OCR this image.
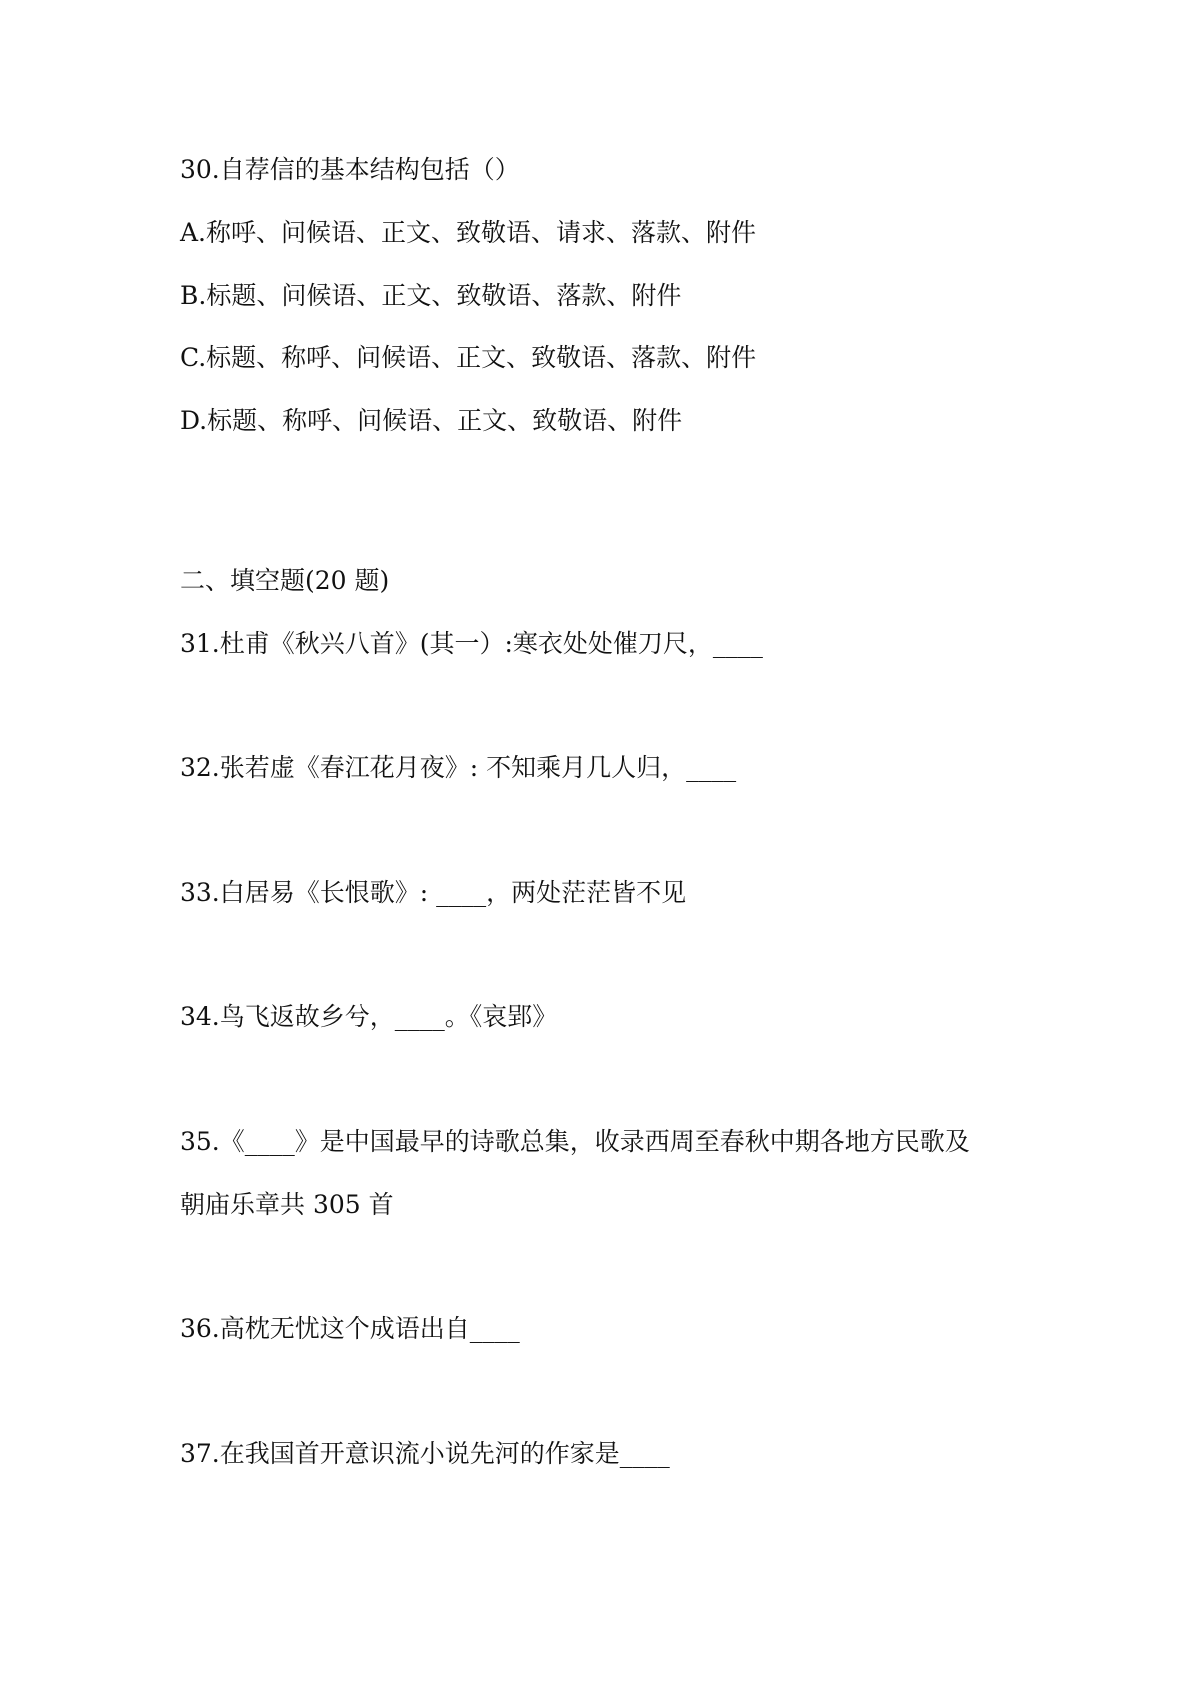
30.自荐信的基本结构包括（）
A.称呼、问候语、正文、致敬语、请求、落款、附件
B.标题、问候语、正文、致敬语、落款、附件
C.标题、称呼、问候语、正文、致敬语、落款、附件
D.标题、称呼、问候语、正文、致敬语、附件
二、填空题(20 题)
31.杜甫《秋兴八首》(其一）:寒衣处处催刀尺，____
32.张若虚《春江花月夜》: 不知乘月几人归，____
33.白居易《长恨歌》: ____，两处茫茫皆不见
34.鸟飞返故乡兮，____。《哀郢》
35.《____》是中国最早的诗歌总集，收录西周至春秋中期各地方民歌及
朝庙乐章共 305 首
36.高枕无忧这个成语出自____
37.在我国首开意识流小说先河的作家是____
